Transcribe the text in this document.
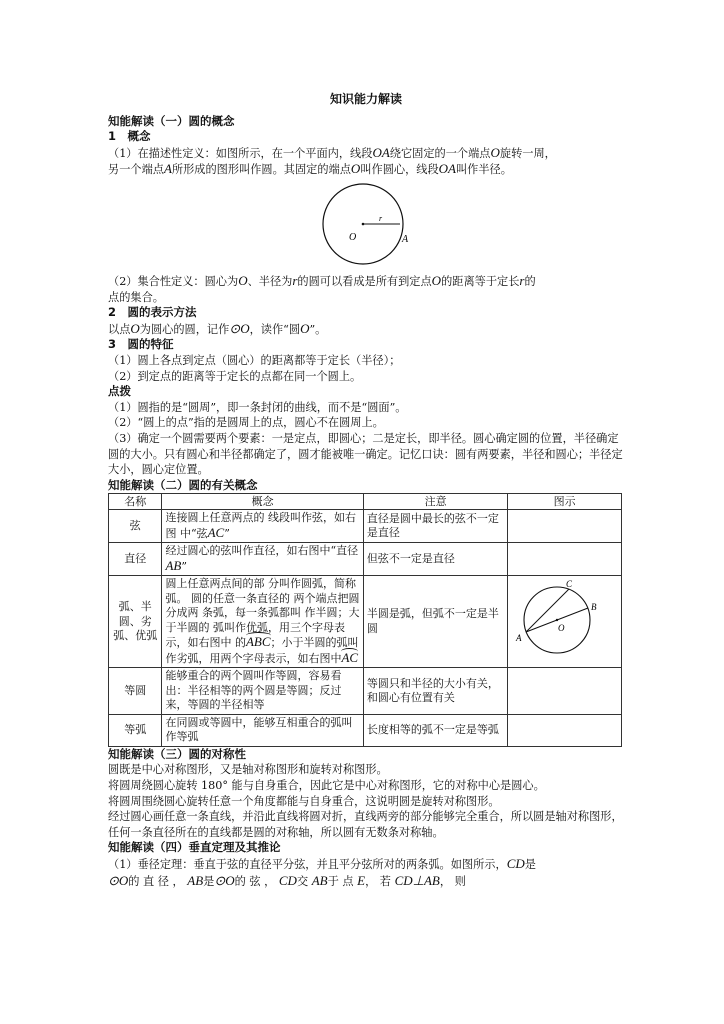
知识能力解读
知能解读（一）圆的概念
1　概念

（1）在描述性定义：如图所示，在一个平面内，线段OA绕它固定的一个端点O旋转一周，
另一个端点A所形成的图形叫作圆。其固定的端点O叫作圆心，线段OA叫作半径。

r
O	A

（2）集合性定义：圆心为O、半径为r的圆可以看成是所有到定点O的距离等于定长r的
点的集合。

2　圆的表示方法

以点O为圆心的圆，记作⊙O，读作“圆O”。

3　圆的特征

（1）圆上各点到定点（圆心）的距离都等于定长（半径）；

（2）到定点的距离等于定长的点都在同一个圆上。

点拨

（1）圆指的是“圆周”，即一条封闭的曲线，而不是“圆面”。

（2）“圆上的点”指的是圆周上的点，圆心不在圆周上。

（3）确定一个圆需要两个要素：一是定点，即圆心；二是定长，即半径。圆心确定圆的位置，半径确定圆的大小。只有圆心和半径都确定了，圆才能被唯一确定。记忆口诀：圆有两要素，半径和圆心；半径定大小，圆心定位置。

知能解读（二）圆的有关概念
名称	概念	注意	图示
弦	连接圆上任意两点的 线段叫作弦，如右图 中“弦AC”	直径是圆中最长的弦不一定是直径	
直径	经过圆心的弦叫作直径，如右图中“直径AB”	但弦不一定是直径	
弧、半圆、劣弧、优弧	圆上任意两点间的部 分叫作圆弧，简称弧。 圆的任意一条直径的 两个端点把圆分成两 条弧，每一条弧都叫 作半圆；大于半圆的 弧叫作优弧，用三个字母表示，如右图中 的ABC；小于半圆的弧叫作劣弧，用两个字母表示，如右图中AC	半圆是弧，但弧不一定是半圆	C
B
O
A

等圆	能够重合的两个圆叫作等圆，容易看出：半径相等的两个圆是等圆；反过来，等圆的半径相等	等圆只和半径的大小有关，和圆心有位置有关	
等弧	在同圆或等圆中，能够互相重合的弧叫作等弧	长度相等的弧不一定是等弧	
知能解读（三）圆的对称性

圆既是中心对称图形，又是轴对称图形和旋转对称图形。

将圆周绕圆心旋转 180° 能与自身重合，因此它是中心对称图形，它的对称中心是圆心。

将圆周围绕圆心旋转任意一个角度都能与自身重合，这说明圆是旋转对称图形。

经过圆心画任意一条直线，并沿此直线将圆对折，直线两旁的部分能够完全重合，所以圆是轴对称图形，任何一条直径所在的直线都是圆的对称轴，所以圆有无数条对称轴。

知能解读（四）垂直定理及其推论

（1）垂径定理：垂直于弦的直径平分弦，并且平分弦所对的两条弧。如图所示，CD是

⊙O的 直 径 ， AB是⊙O的 弦 ， CD交 AB于 点 E， 若 CD⊥AB， 则
